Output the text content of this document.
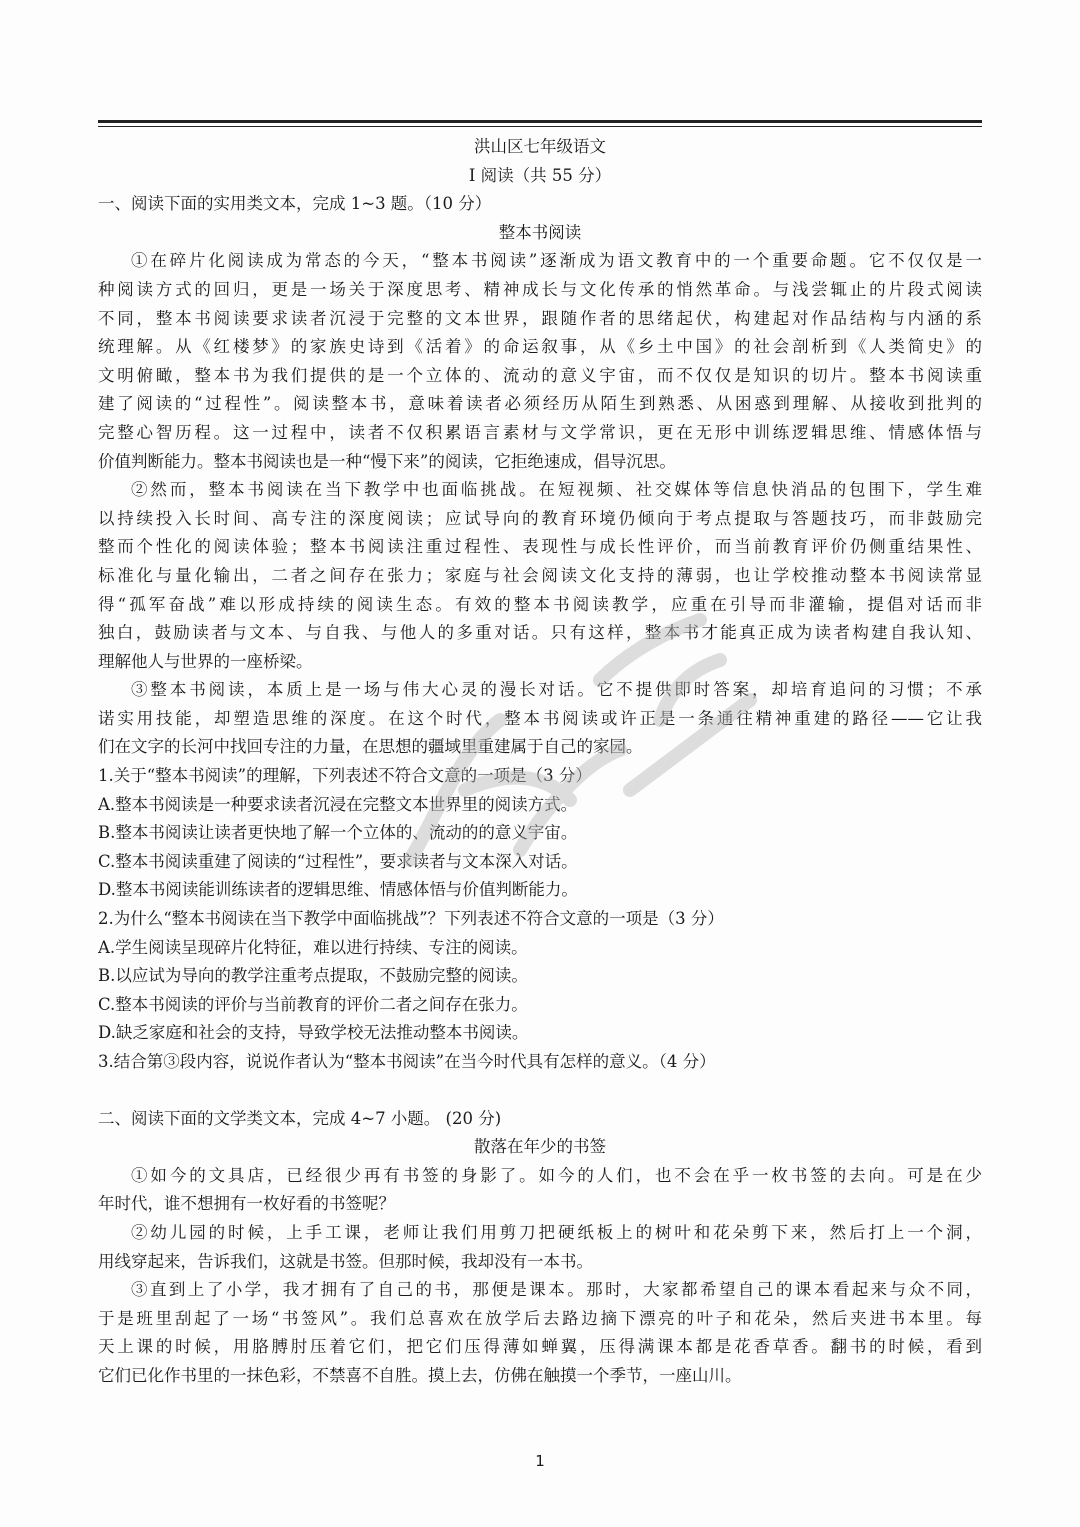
洪山区七年级语文
Ⅰ 阅读（共 55 分）
一、阅读下面的实用类文本，完成 1~3 题。（10 分）
整本书阅读
①在碎片化阅读成为常态的今天，“整本书阅读”逐渐成为语文教育中的一个重要命题。它不仅仅是一
种阅读方式的回归，更是一场关于深度思考、精神成长与文化传承的悄然革命。与浅尝辄止的片段式阅读
不同，整本书阅读要求读者沉浸于完整的文本世界，跟随作者的思绪起伏，构建起对作品结构与内涵的系
统理解。从《红楼梦》的家族史诗到《活着》的命运叙事，从《乡土中国》的社会剖析到《人类简史》的
文明俯瞰，整本书为我们提供的是一个立体的、流动的意义宇宙，而不仅仅是知识的切片。整本书阅读重
建了阅读的“过程性”。阅读整本书，意味着读者必须经历从陌生到熟悉、从困惑到理解、从接收到批判的
完整心智历程。这一过程中，读者不仅积累语言素材与文学常识，更在无形中训练逻辑思维、情感体悟与
价值判断能力。整本书阅读也是一种“慢下来”的阅读，它拒绝速成，倡导沉思。
②然而，整本书阅读在当下教学中也面临挑战。在短视频、社交媒体等信息快消品的包围下，学生难
以持续投入长时间、高专注的深度阅读；应试导向的教育环境仍倾向于考点提取与答题技巧，而非鼓励完
整而个性化的阅读体验；整本书阅读注重过程性、表现性与成长性评价，而当前教育评价仍侧重结果性、
标准化与量化输出，二者之间存在张力；家庭与社会阅读文化支持的薄弱，也让学校推动整本书阅读常显
得“孤军奋战”难以形成持续的阅读生态。有效的整本书阅读教学，应重在引导而非灌输，提倡对话而非
独白，鼓励读者与文本、与自我、与他人的多重对话。只有这样，整本书才能真正成为读者构建自我认知、
理解他人与世界的一座桥梁。
③整本书阅读，本质上是一场与伟大心灵的漫长对话。它不提供即时答案，却培育追问的习惯；不承
诺实用技能，却塑造思维的深度。在这个时代，整本书阅读或许正是一条通往精神重建的路径——它让我
们在文字的长河中找回专注的力量，在思想的疆域里重建属于自己的家园。
1.关于“整本书阅读”的理解，下列表述不符合文意的一项是（3 分）
A.整本书阅读是一种要求读者沉浸在完整文本世界里的阅读方式。
B.整本书阅读让读者更快地了解一个立体的、流动的的意义宇宙。
C.整本书阅读重建了阅读的“过程性”，要求读者与文本深入对话。
D.整本书阅读能训练读者的逻辑思维、情感体悟与价值判断能力。
2.为什么“整本书阅读在当下教学中面临挑战”？下列表述不符合文意的一项是（3 分）
A.学生阅读呈现碎片化特征，难以进行持续、专注的阅读。
B.以应试为导向的教学注重考点提取，不鼓励完整的阅读。
C.整本书阅读的评价与当前教育的评价二者之间存在张力。
D.缺乏家庭和社会的支持，导致学校无法推动整本书阅读。
3.结合第③段内容，说说作者认为“整本书阅读”在当今时代具有怎样的意义。（4 分）
二、阅读下面的文学类文本，完成 4~7 小题。 (20 分)
散落在年少的书签
①如今的文具店，已经很少再有书签的身影了。如今的人们，也不会在乎一枚书签的去向。可是在少
年时代，谁不想拥有一枚好看的书签呢？
②幼儿园的时候，上手工课，老师让我们用剪刀把硬纸板上的树叶和花朵剪下来，然后打上一个洞，
用线穿起来，告诉我们，这就是书签。但那时候，我却没有一本书。
③直到上了小学，我才拥有了自己的书，那便是课本。那时，大家都希望自己的课本看起来与众不同，
于是班里刮起了一场“书签风”。我们总喜欢在放学后去路边摘下漂亮的叶子和花朵，然后夹进书本里。每
天上课的时候，用胳膊肘压着它们，把它们压得薄如蝉翼，压得满课本都是花香草香。翻书的时候，看到
它们已化作书里的一抹色彩，不禁喜不自胜。摸上去，仿佛在触摸一个季节，一座山川。
1
